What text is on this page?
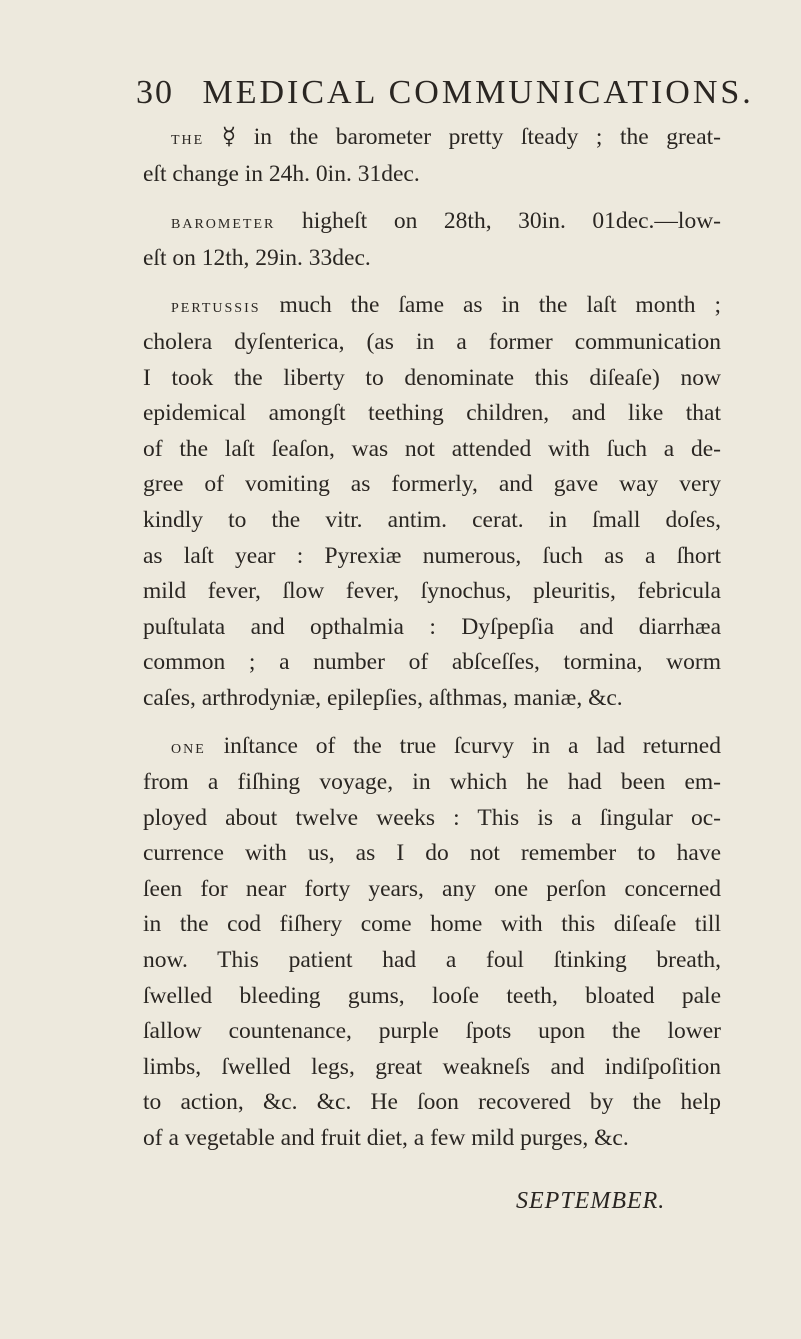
30 MEDICAL COMMUNICATIONS.
the ☿ in the barometer pretty ſteady ; the great-
eſt change in 24h. 0in. 31dec.
barometer higheſt on 28th, 30in. 01dec.—low-
eſt on 12th, 29in. 33dec.
pertussis much the ſame as in the laſt month ;
cholera dyſenterica, (as in a former communication
I took the liberty to denominate this diſeaſe) now
epidemical amongſt teething children, and like that
of the laſt ſeaſon, was not attended with ſuch a de-
gree of vomiting as formerly, and gave way very
kindly to the vitr. antim. cerat. in ſmall doſes,
as laſt year : Pyrexiæ numerous, ſuch as a ſhort
mild fever, ſlow fever, ſynochus, pleuritis, febricula
puſtulata and opthalmia : Dyſpepſia and diarrhæa
common ; a number of abſceſſes, tormina, worm
caſes, arthrodyniæ, epilepſies, aſthmas, maniæ, &c.
one inſtance of the true ſcurvy in a lad returned
from a fiſhing voyage, in which he had been em-
ployed about twelve weeks : This is a ſingular oc-
currence with us, as I do not remember to have
ſeen for near forty years, any one perſon concerned
in the cod fiſhery come home with this diſeaſe till
now. This patient had a foul ſtinking breath,
ſwelled bleeding gums, looſe teeth, bloated pale
ſallow countenance, purple ſpots upon the lower
limbs, ſwelled legs, great weakneſs and indiſpoſition
to action, &c. &c. He ſoon recovered by the help
of a vegetable and fruit diet, a few mild purges, &c.
SEPTEMBER.
